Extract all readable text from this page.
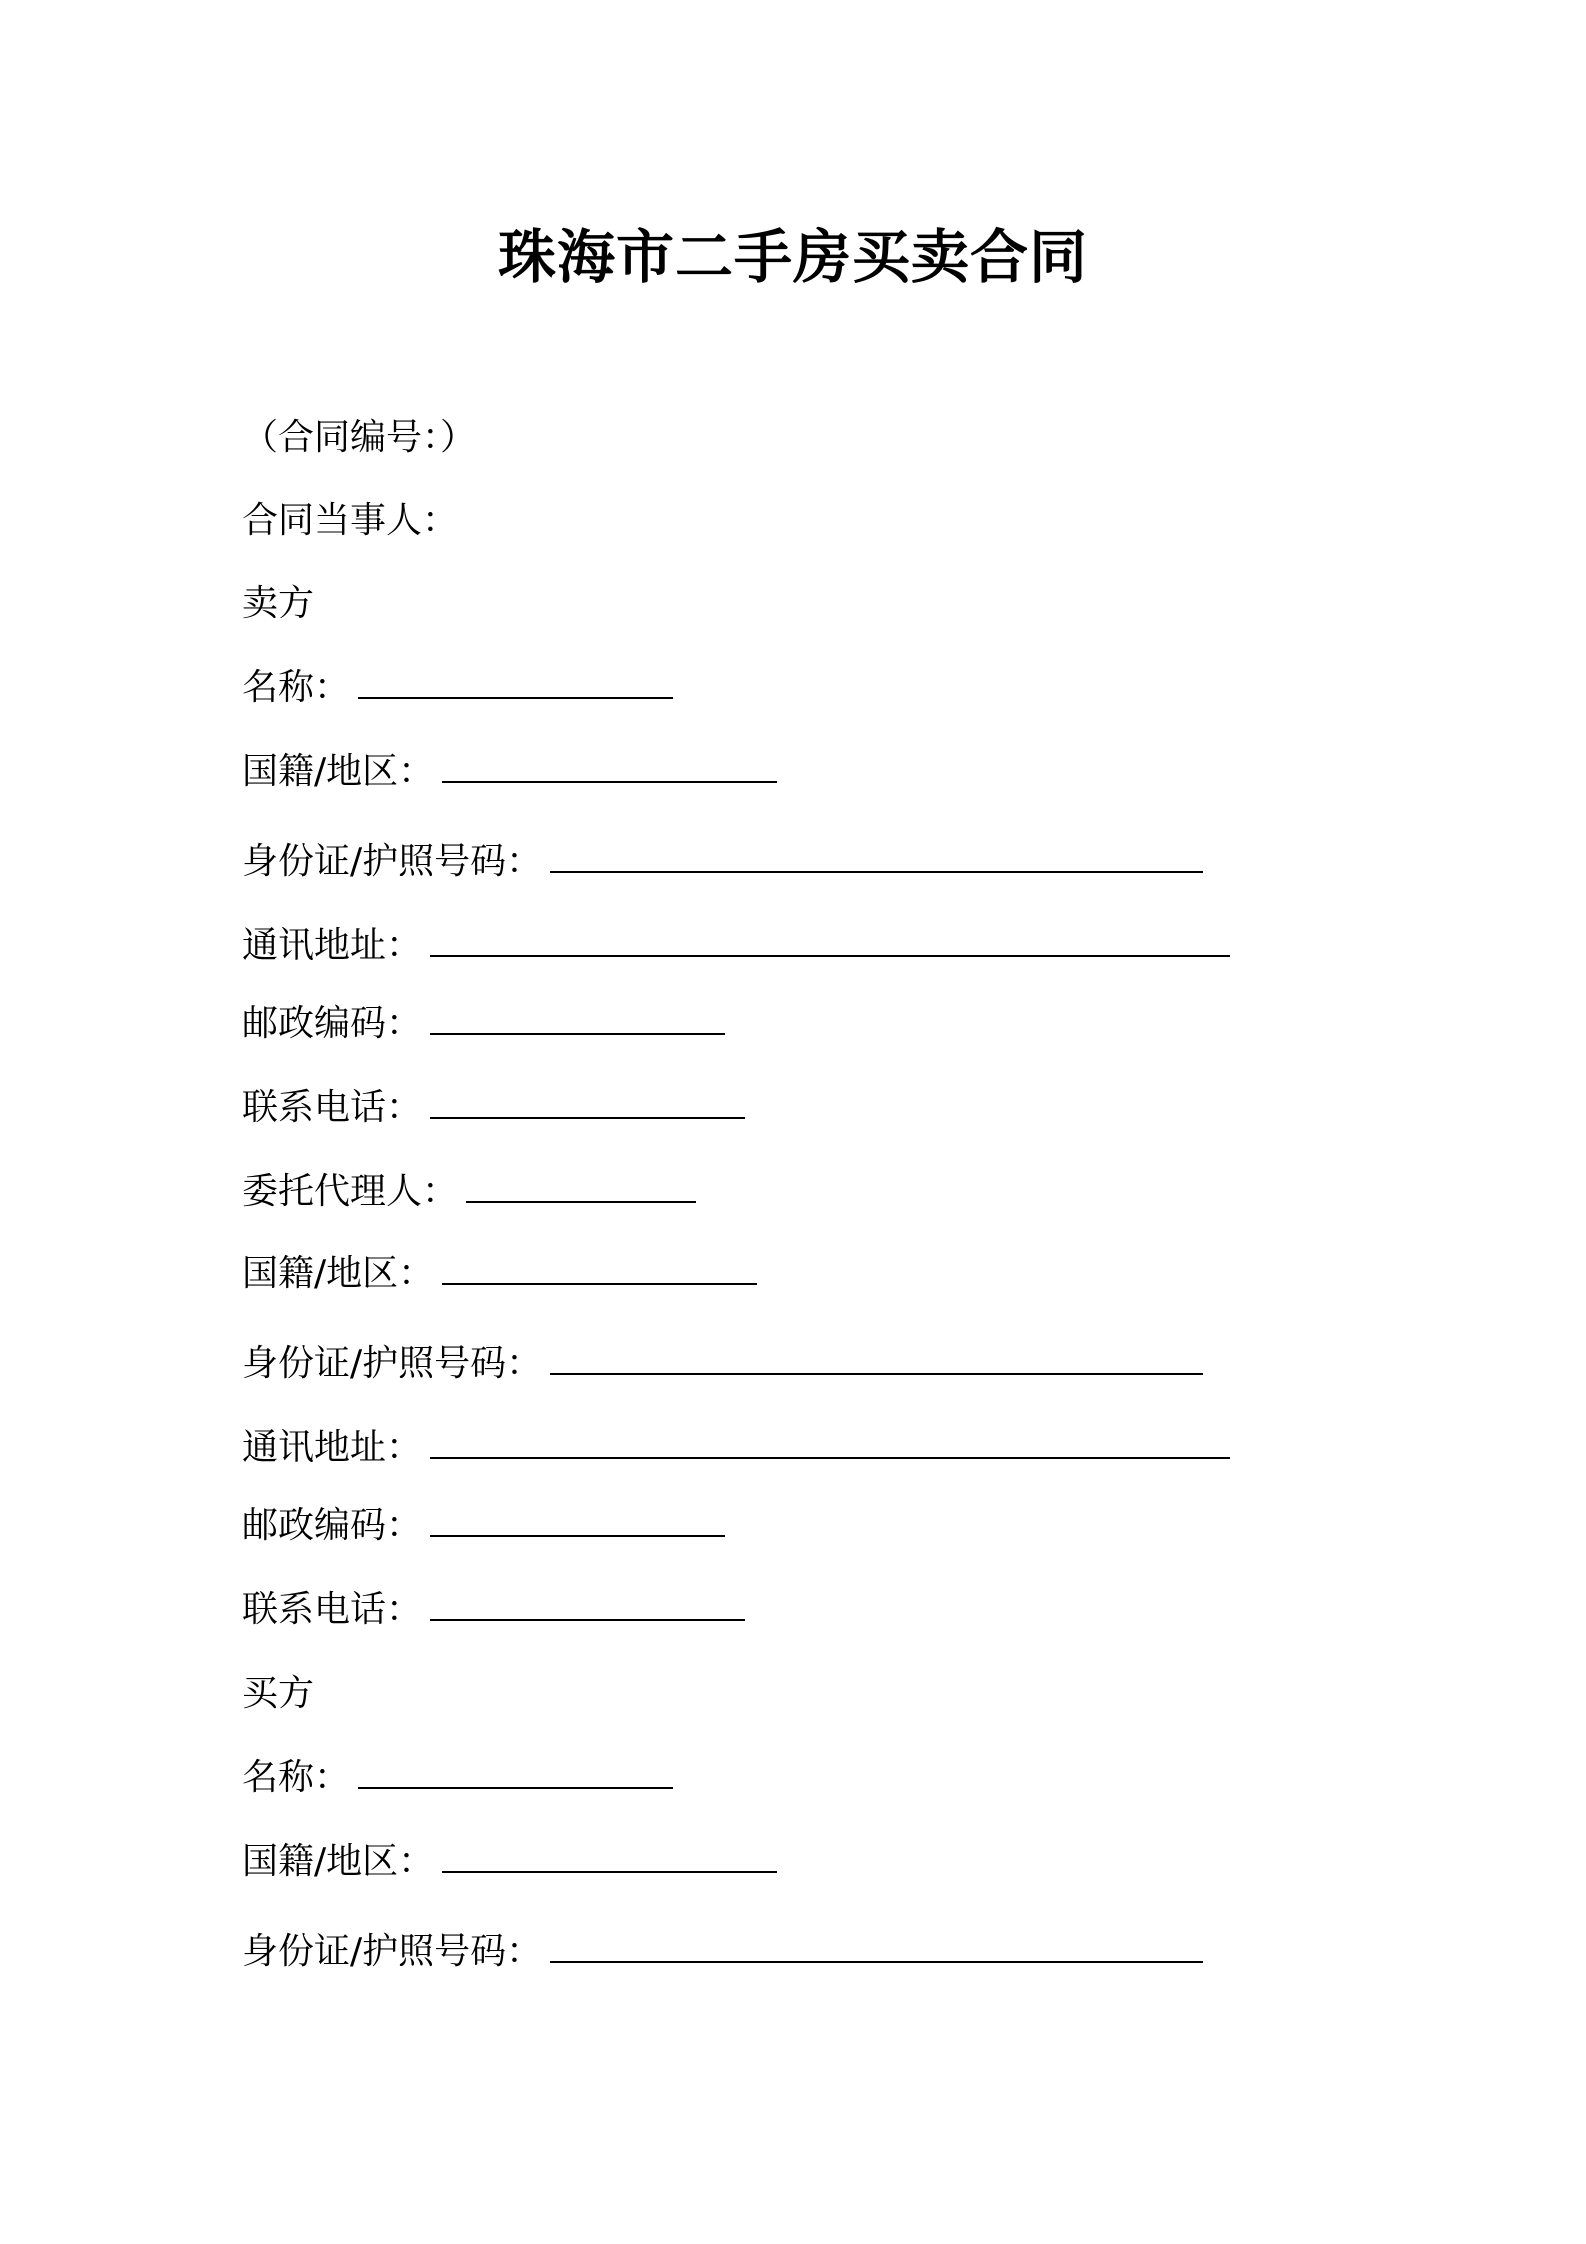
珠海市二手房买卖合同
（合同编号：）
合同当事人：
卖方
名称：
国籍/地区：
身份证/护照号码：
通讯地址：
邮政编码：
联系电话：
委托代理人：
国籍/地区：
身份证/护照号码：
通讯地址：
邮政编码：
联系电话：
买方
名称：
国籍/地区：
身份证/护照号码：
